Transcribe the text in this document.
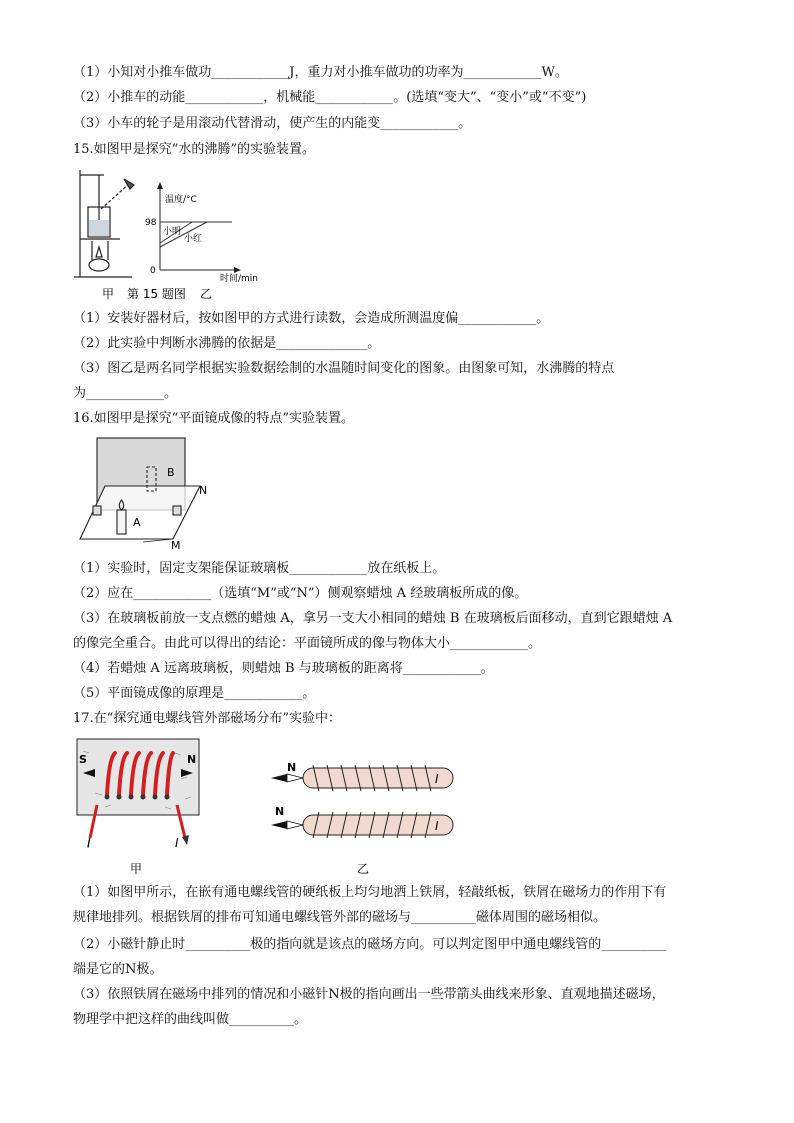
（1）小知对小推车做功____________J，重力对小推车做功的功率为____________W。
（2）小推车的动能____________，机械能____________。(选填“变大”、“变小”或“不变”)
（3）小车的轮子是用滚动代替滑动，使产生的内能变____________。
15.如图甲是探究“水的沸腾”的实验装置。
（1）安装好器材后，按如图甲的方式进行读数，会造成所测温度偏____________。
（2）此实验中判断水沸腾的依据是______________。
（3）图乙是两名同学根据实验数据绘制的水温随时间变化的图象。由图象可知，水沸腾的特点
为____________。
16.如图甲是探究“平面镜成像的特点”实验装置。
（1）实验时，固定支架能保证玻璃板____________放在纸板上。
（2）应在____________（选填“M”或“N”）侧观察蜡烛 A 经玻璃板所成的像。
（3）在玻璃板前放一支点燃的蜡烛 A，拿另一支大小相同的蜡烛 B 在玻璃板后面移动，直到它跟蜡烛 A
的像完全重合。由此可以得出的结论：平面镜所成的像与物体大小____________。
（4）若蜡烛 A 远离玻璃板，则蜡烛 B 与玻璃板的距离将____________。
（5）平面镜成像的原理是____________。
17.在“探究通电螺线管外部磁场分布”实验中：
（1）如图甲所示，在嵌有通电螺线管的硬纸板上均匀地洒上铁屑，轻敲纸板，铁屑在磁场力的作用下有
规律地排列。根据铁屑的排布可知通电螺线管外部的磁场与__________磁体周围的磁场相似。
（2）小磁针静止时__________极的指向就是该点的磁场方向。可以判定图甲中通电螺线管的__________
端是它的N极。
（3）依照铁屑在磁场中排列的情况和小磁针N极的指向画出一些带箭头曲线来形象、直观地描述磁场，
物理学中把这样的曲线叫做__________。
甲 第 15 题图 乙
温度/°C
时间/min
98
0
小明
小红
B
A
N
M
S	N
I	I
甲
N
I
N
I
乙
